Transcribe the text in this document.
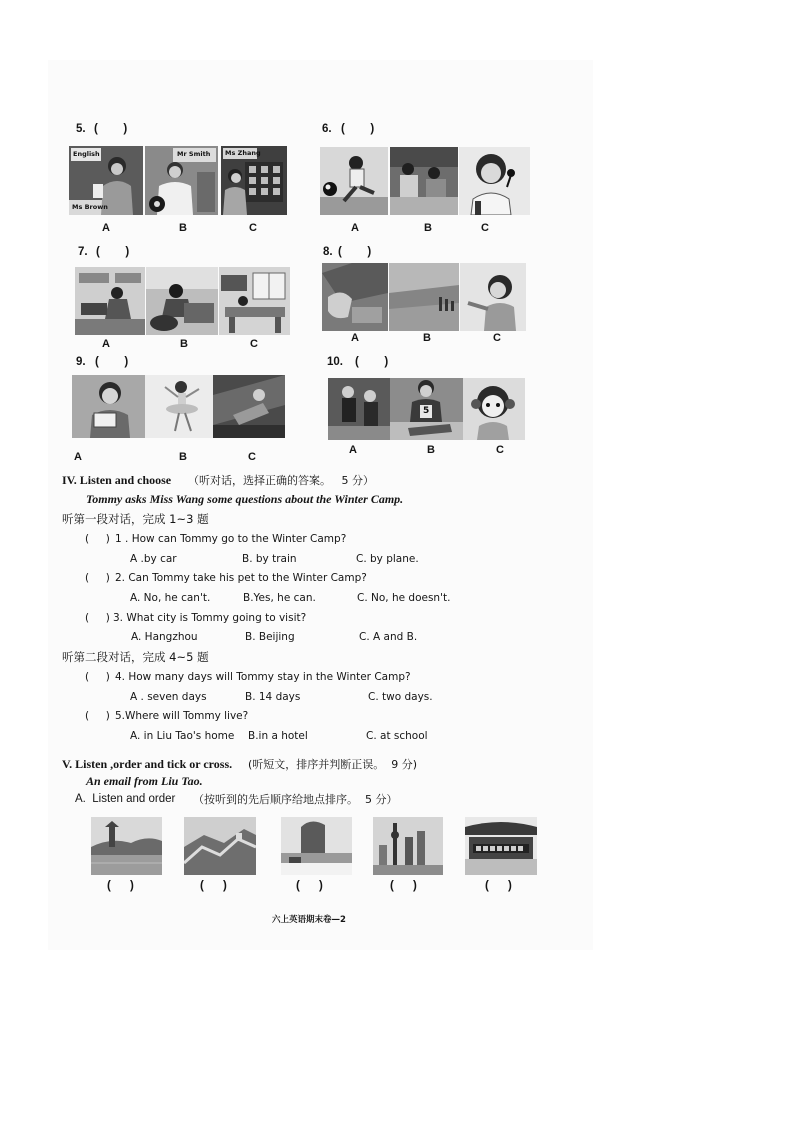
5. (        )
English
Ms Brown
Mr Smith Ms Zhang
A	B	C
6. (        )
A	B	C
7. (        )
A	B	C
8. (        )
A	B	C
9. (        )
A	B	C
10. (        )
5
A	B	C
IV. Listen and choose （听对话，选择正确的答案。   5 分）
Tommy asks Miss Wang some questions about the Winter Camp.
听第一段对话，完成 1~3 题
(     ) 1 . How can Tommy go to the Winter Camp?
A .by car	B. by train	C. by plane.
(     ) 2. Can Tommy take his pet to the Winter Camp?
A. No, he can't.	B.Yes, he can.	C. No, he doesn't.
(     ) 3. What city is Tommy going to visit?
A. Hangzhou	B. Beijing	C. A and B.
听第二段对话，完成 4~5 题
(     ) 4. How many days will Tommy stay in the Winter Camp?
A . seven days	B. 14 days	C. two days.
(     ) 5.Where will Tommy live?
A. in Liu Tao's home B.in a hotel	C. at school
V. Listen ,order and tick or cross. (听短文，排序并判断正误。  9 分)
An email from Liu Tao.
A.  Listen and order （按听到的先后顺序给地点排序。  5 分）
(      )	(      )	(      )	(      )	(      )
六上英语期末卷—2
